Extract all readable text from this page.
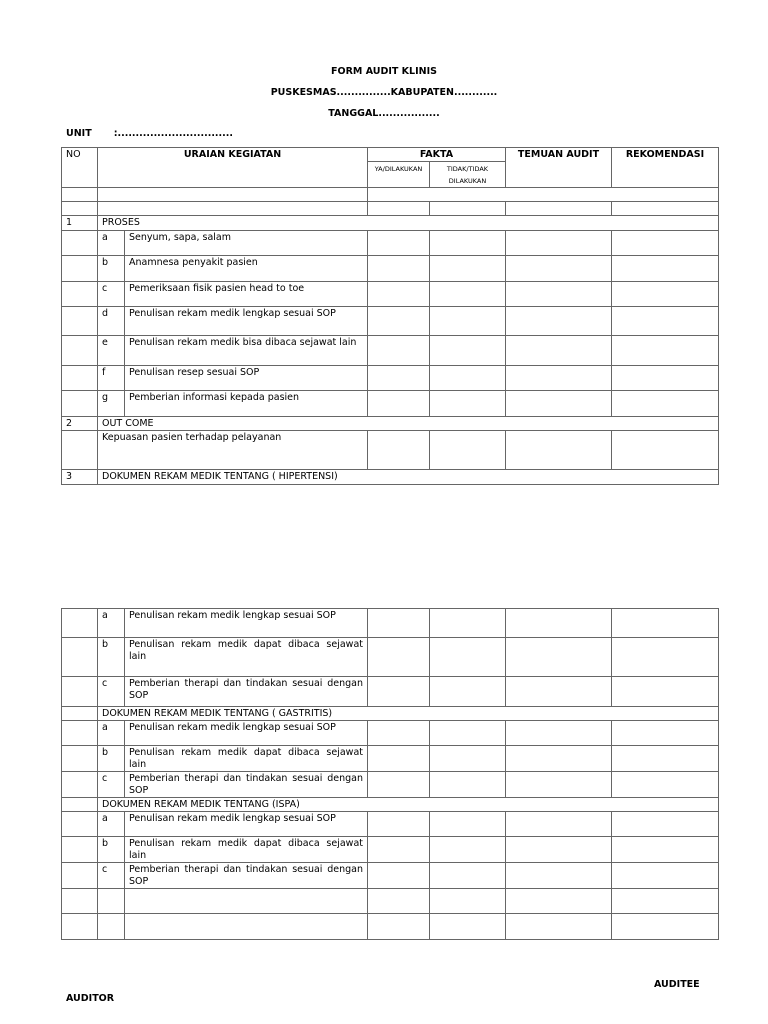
FORM AUDIT KLINIS
PUSKESMAS...............KABUPATEN............
TANGGAL.................
UNIT :................................
NO	URAIAN KEGIATAN		FAKTA		TEMUAN AUDIT	REKOMENDASI
			YA/DILAKUKAN	TIDAK/TIDAK DILAKUKAN		

1	PROSES					
	a	Senyum, sapa, salam				
	b	Anamnesa penyakit pasien				
	c	Pemeriksaan fisik pasien head to toe				
	d	Penulisan rekam medik lengkap sesuai SOP				
	e	Penulisan rekam medik bisa dibaca sejawat lain				
	f	Penulisan resep sesuai SOP				
	g	Pemberian informasi kepada pasien				
2	OUT COME					
	Kepuasan pasien terhadap pelayanan					
3	DOKUMEN REKAM MEDIK TENTANG ( HIPERTENSI)					
	a	Penulisan rekam medik lengkap sesuai SOP				
	b	Penulisan rekam medik dapat dibaca sejawat lain				
	c	Pemberian therapi dan tindakan sesuai dengan SOP				
	DOKUMEN REKAM MEDIK TENTANG ( GASTRITIS)					
	a	Penulisan rekam medik lengkap sesuai SOP				
	b	Penulisan rekam medik dapat dibaca sejawat lain				
	c	Pemberian therapi dan tindakan sesuai dengan SOP				
	DOKUMEN REKAM MEDIK TENTANG (ISPA)					
	a	Penulisan rekam medik lengkap sesuai SOP				
	b	Penulisan rekam medik dapat dibaca sejawat lain				
	c	Pemberian therapi dan tindakan sesuai dengan SOP				

AUDITEE
AUDITOR
